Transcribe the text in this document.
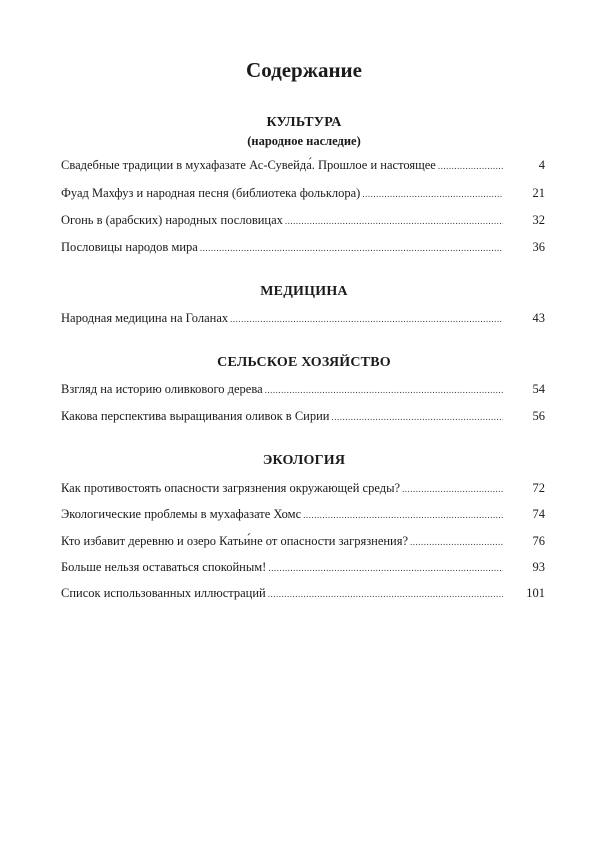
Содержание
КУЛЬТУРА
(народное наследие)
Свадебные традиции в мухафазате Ас-Сувейда́. Прошлое и настоящее .....	4
Фуад Махфуз и народная песня (библиотека фольклора) .....	21
Огонь в (арабских) народных пословицах .....	32
Пословицы народов мира .....	36
МЕДИЦИНА
Народная медицина на Голанах .....	43
СЕЛЬСКОЕ ХОЗЯЙСТВО
Взгляд на историю оливкового дерева .....	54
Какова перспектива выращивания оливок в Сирии .....	56
ЭКОЛОГИЯ
Как противостоять опасности загрязнения окружающей среды? .....	72
Экологические проблемы в мухафазате Хомс .....	74
Кто избавит деревню и озеро Катьи́не от опасности загрязнения? .....	76
Больше нельзя оставаться спокойным! .....	93
Список использованных иллюстраций .....	101
